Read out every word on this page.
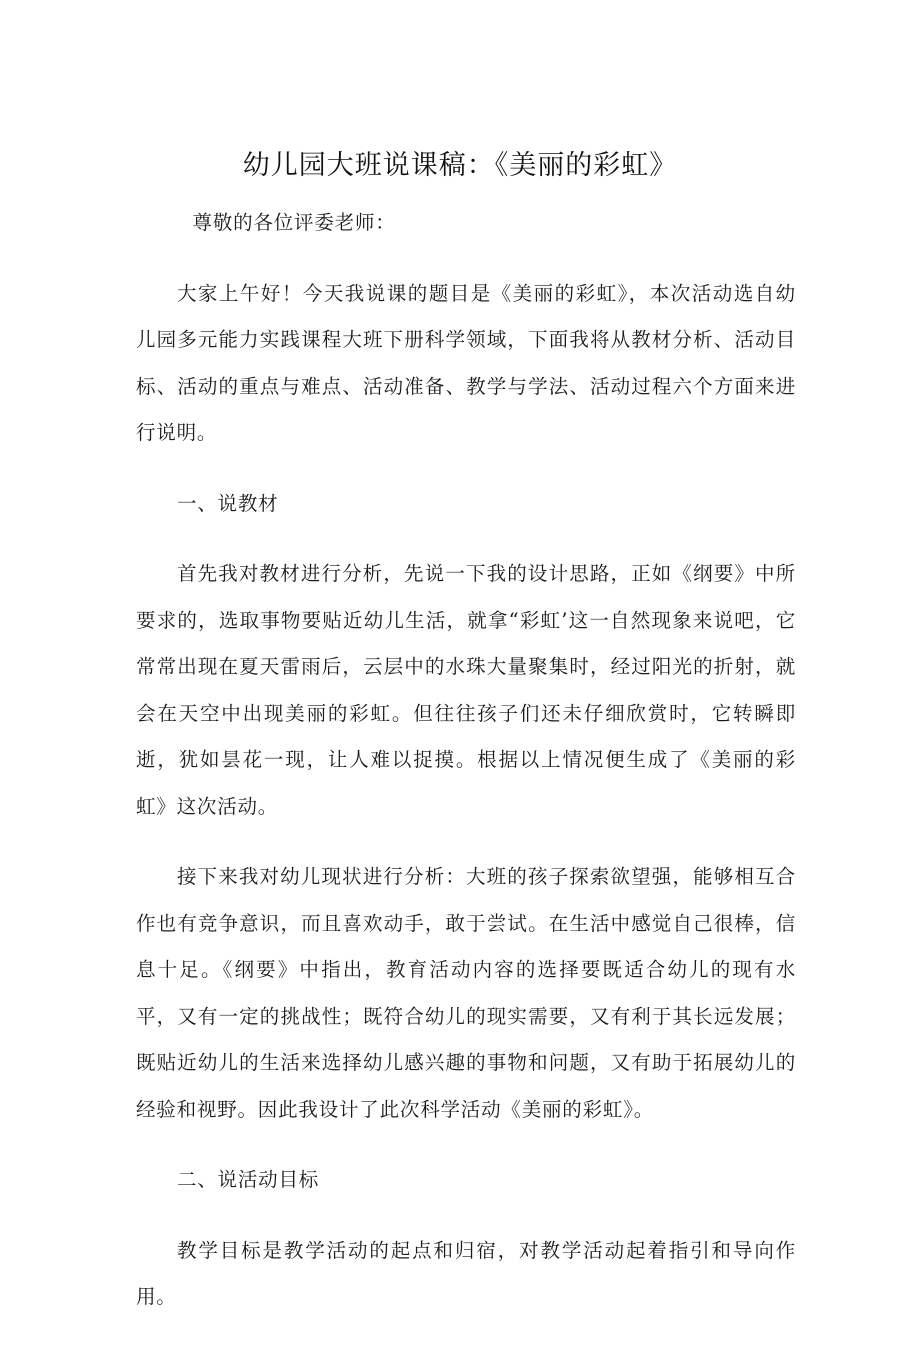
幼儿园大班说课稿：《美丽的彩虹》

尊敬的各位评委老师：

大家上午好！今天我说课的题目是《美丽的彩虹》，本次活动选自幼儿园多元能力实践课程大班下册科学领域，下面我将从教材分析、活动目标、活动的重点与难点、活动准备、教学与学法、活动过程六个方面来进行说明。

一、说教材

首先我对教材进行分析，先说一下我的设计思路，正如《纲要》中所要求的，选取事物要贴近幼儿生活，就拿“彩虹’这一自然现象来说吧，它常常出现在夏天雷雨后，云层中的水珠大量聚集时，经过阳光的折射，就会在天空中出现美丽的彩虹。但往往孩子们还未仔细欣赏时，它转瞬即逝，犹如昙花一现，让人难以捉摸。根据以上情况便生成了《美丽的彩虹》这次活动。

接下来我对幼儿现状进行分析：大班的孩子探索欲望强，能够相互合作也有竞争意识，而且喜欢动手，敢于尝试。在生活中感觉自己很棒，信息十足。《纲要》中指出，教育活动内容的选择要既适合幼儿的现有水平，又有一定的挑战性；既符合幼儿的现实需要，又有利于其长远发展；既贴近幼儿的生活来选择幼儿感兴趣的事物和问题，又有助于拓展幼儿的经验和视野。因此我设计了此次科学活动《美丽的彩虹》。

二、说活动目标

教学目标是教学活动的起点和归宿，对教学活动起着指引和导向作用。
